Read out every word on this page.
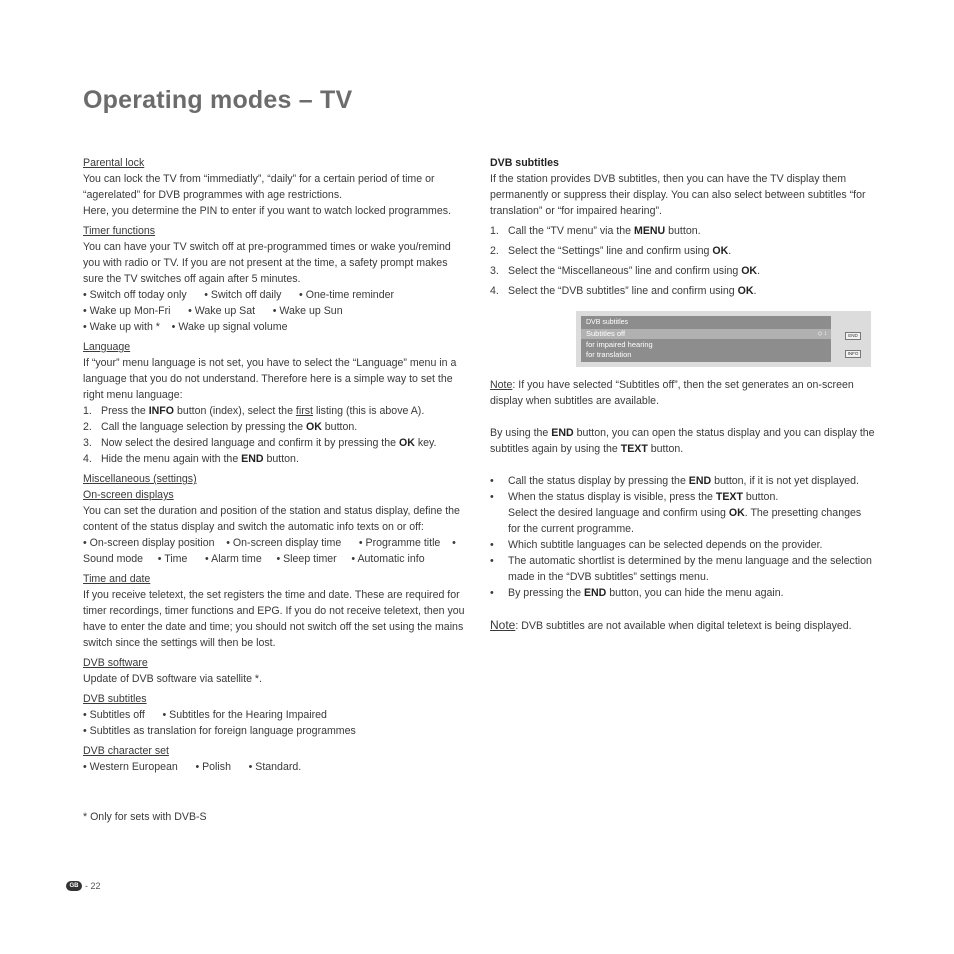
Operating modes – TV

Parental lock

You can lock the TV from “immediatly”, “daily” for a certain period of time or “agerelated” for DVB programmes with age restrictions.

Here, you determine the PIN to enter if you want to watch locked programmes.

Timer functions

You can have your TV switch off at pre-programmed times or wake you/remind you with radio or TV. If you are not present at the time, a safety prompt makes sure the TV switches off again after 5 minutes.

• Switch off today only      • Switch off daily      • One-time reminder

• Wake up Mon-Fri      • Wake up Sat      • Wake up Sun

• Wake up with *    • Wake up signal volume

Language

If “your” menu language is not set, you have to select the “Language” menu in a language that you do not understand. Therefore here is a simple way to set the right menu language:

1. Press the INFO button (index), select the first listing (this is above A).
2. Call the language selection by pressing the OK button.
3. Now select the desired language and confirm it by pressing the OK key.
4. Hide the menu again with the END button.

Miscellaneous (settings)

On-screen displays

You can set the duration and position of the station and status display, define the content of the status display and switch the automatic info texts on or off:

• On-screen display position    • On-screen display time      • Programme title    •

Sound mode     • Time      • Alarm time     • Sleep timer     • Automatic info

Time and date

If you receive teletext, the set registers the time and date. These are required for timer recordings, timer functions and EPG. If you do not receive teletext, then you have to enter the date and time; you should not switch off the set using the mains switch since the settings will then be lost.

DVB software

Update of DVB software via satellite *.

DVB subtitles

• Subtitles off      • Subtitles for the Hearing Impaired

• Subtitles as translation for foreign language programmes

DVB character set

• Western European      • Polish      • Standard.

* Only for sets with DVB-S

DVB subtitles

If the station provides DVB subtitles, then you can have the TV display them permanently or suppress their display. You can also select between subtitles “for translation” or “for impaired hearing”.

1. Call the “TV menu” via the MENU button.
2. Select the “Settings” line and confirm using OK.
3. Select the “Miscellaneous” line and confirm using OK.
4. Select the “DVB subtitles” line and confirm using OK.
DVB subtitles
Subtitles off	◇ ↕
for impaired hearing
for translation
END
INFO

Note: If you have selected “Subtitles off”, then the set generates an on-screen display when subtitles are available.

By using the END button, you can open the status display and you can display the subtitles again by using the TEXT button.

•	Call the status display by pressing the END button, if it is not yet displayed.
•	When the status display is visible, press the TEXT button.
Select the desired language and confirm using OK. The presetting changes for the current programme.
•	Which subtitle languages can be selected depends on the provider.
•	The automatic shortlist is determined by the menu language and the selection made in the “DVB subtitles” settings menu.
•	By pressing the END button, you can hide the menu again.

Note: DVB subtitles are not available when digital teletext is being displayed.

GB - 22
